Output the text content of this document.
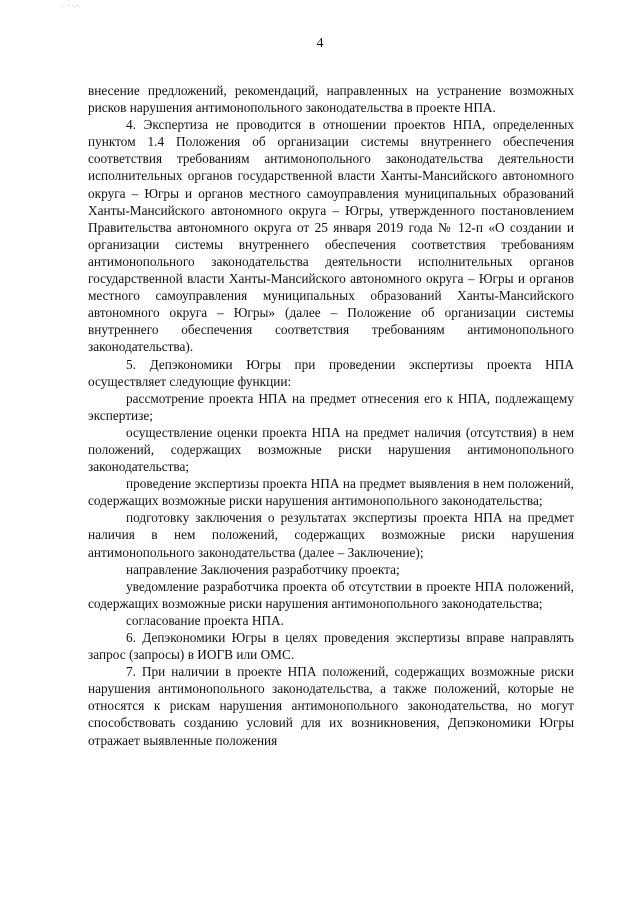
· ' ·'·
4

внесение предложений, рекомендаций, направленных на устранение возможных рисков нарушения антимонопольного законодательства в проекте НПА.

4. Экспертиза не проводится в отношении проектов НПА, определенных пунктом 1.4 Положения об организации системы внутреннего обеспечения соответствия требованиям антимонопольного законодательства деятельности исполнительных органов государственной власти Ханты-Мансийского автономного округа – Югры и органов местного самоуправления муниципальных образований Ханты-Мансийского автономного округа – Югры, утвержденного постановлением Правительства автономного округа от 25 января 2019 года № 12-п «О создании и организации системы внутреннего обеспечения соответствия требованиям антимонопольного законодательства деятельности исполнительных органов государственной власти Ханты-Мансийского автономного округа – Югры и органов местного самоуправления муниципальных образований Ханты-Мансийского автономного округа – Югры» (далее – Положение об организации системы внутреннего обеспечения соответствия требованиям антимонопольного законодательства).

5. Депэкономики Югры при проведении экспертизы проекта НПА осуществляет следующие функции:

рассмотрение проекта НПА на предмет отнесения его к НПА, подлежащему экспертизе;

осуществление оценки проекта НПА на предмет наличия (отсутствия) в нем положений, содержащих возможные риски нарушения антимонопольного законодательства;

проведение экспертизы проекта НПА на предмет выявления в нем положений, содержащих возможные риски нарушения антимонопольного законодательства;

подготовку заключения о результатах экспертизы проекта НПА на предмет наличия в нем положений, содержащих возможные риски нарушения антимонопольного законодательства (далее – Заключение);

направление Заключения разработчику проекта;

уведомление разработчика проекта об отсутствии в проекте НПА положений, содержащих возможные риски нарушения антимонопольного законодательства;

согласование проекта НПА.

6. Депэкономики Югры в целях проведения экспертизы вправе направлять запрос (запросы) в ИОГВ или ОМС.

7. При наличии в проекте НПА положений, содержащих возможные риски нарушения антимонопольного законодательства, а также положений, которые не относятся к рискам нарушения антимонопольного законодательства, но могут способствовать созданию условий для их возникновения, Депэкономики Югры отражает выявленные положения
